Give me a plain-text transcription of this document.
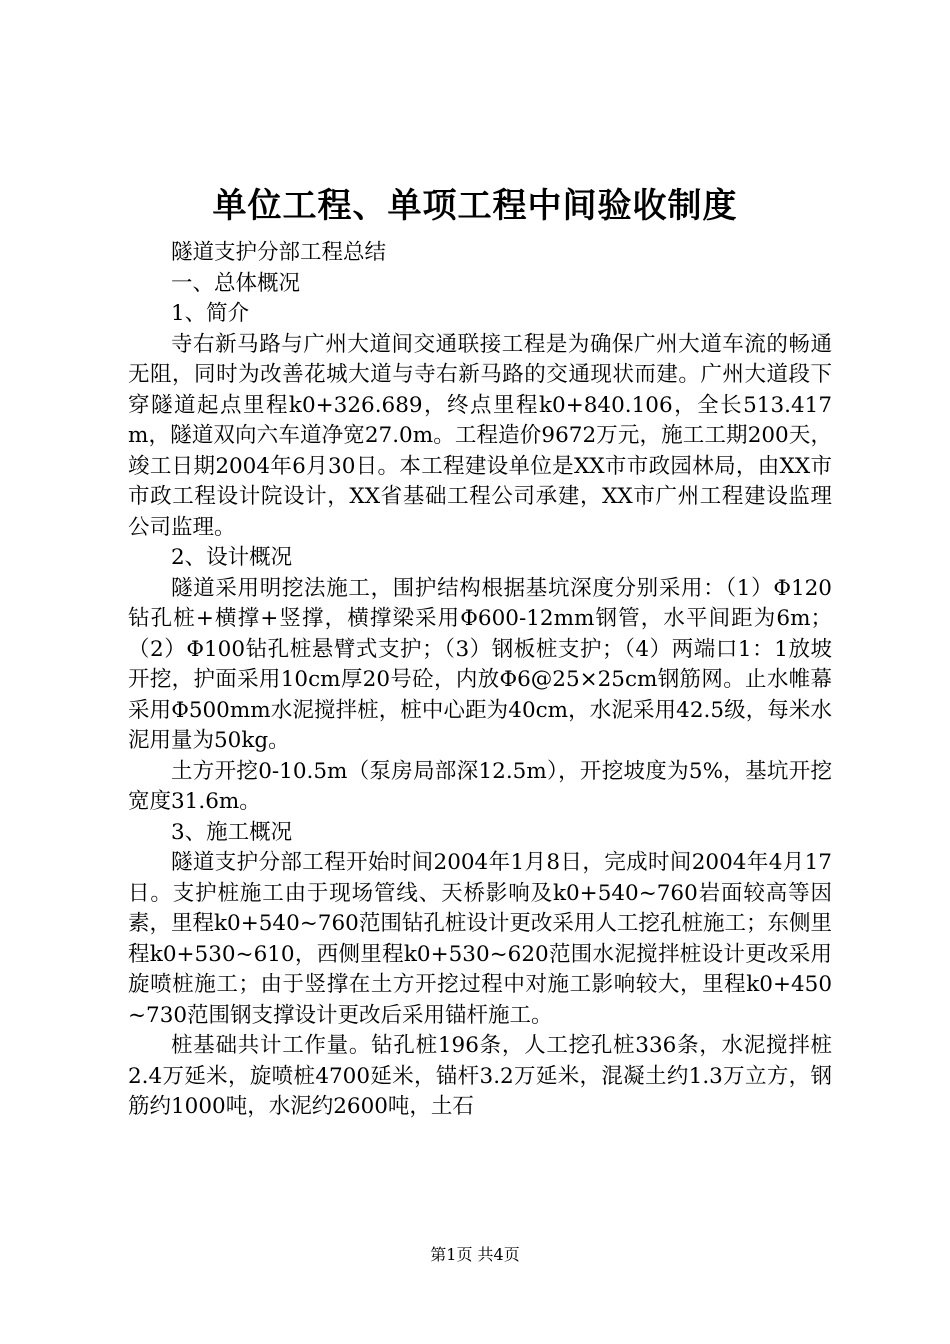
单位工程、单项工程中间验收制度

隧道支护分部工程总结

一、总体概况

1、简介

寺右新马路与广州大道间交通联接工程是为确保广州大道车流的畅通无阻，同时为改善花城大道与寺右新马路的交通现状而建。广州大道段下穿隧道起点里程k0+326.689，终点里程k0+840.106，全长513.417m，隧道双向六车道净宽27.0m。工程造价9672万元，施工工期200天，竣工日期2004年6月30日。本工程建设单位是XX市市政园林局，由XX市市政工程设计院设计，XX省基础工程公司承建，XX市广州工程建设监理公司监理。

2、设计概况

隧道采用明挖法施工，围护结构根据基坑深度分别采用：（1）Φ120钻孔桩+横撑+竖撑，横撑梁采用Φ600-12mm钢管，水平间距为6m；（2）Φ100钻孔桩悬臂式支护；（3）钢板桩支护；（4）两端口1：1放坡开挖，护面采用10cm厚20号砼，内放Φ6@25×25cm钢筋网。止水帷幕采用Φ500mm水泥搅拌桩，桩中心距为40cm，水泥采用42.5级，每米水泥用量为50kg。

土方开挖0-10.5m（泵房局部深12.5m），开挖坡度为5%，基坑开挖宽度31.6m。

3、施工概况

隧道支护分部工程开始时间2004年1月8日，完成时间2004年4月17日。支护桩施工由于现场管线、天桥影响及k0+540~760岩面较高等因素，里程k0+540~760范围钻孔桩设计更改采用人工挖孔桩施工；东侧里程k0+530~610，西侧里程k0+530~620范围水泥搅拌桩设计更改采用旋喷桩施工；由于竖撑在土方开挖过程中对施工影响较大，里程k0+450~730范围钢支撑设计更改后采用锚杆施工。

桩基础共计工作量。钻孔桩196条，人工挖孔桩336条，水泥搅拌桩2.4万延米，旋喷桩4700延米，锚杆3.2万延米，混凝土约1.3万立方，钢筋约1000吨，水泥约2600吨，土石

第1页 共4页
